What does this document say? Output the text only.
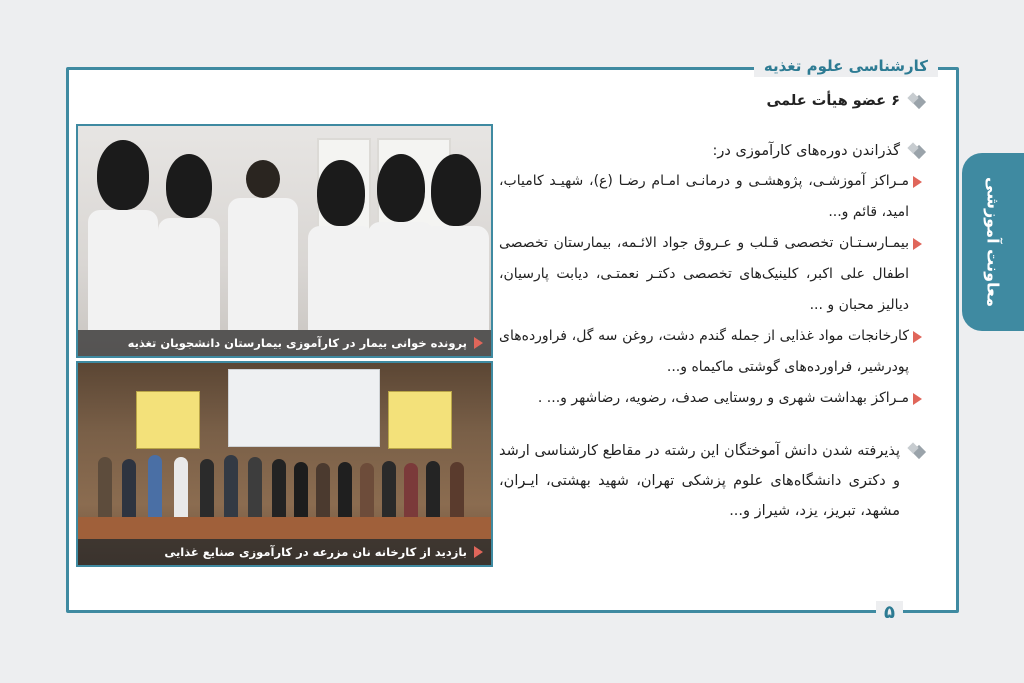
کارشناسی علوم تغذیه
۵
معاونت آموزشی
۶ عضو هیأت علمی
گذراندن دوره‌های کارآموزی در:
مـراکز آموزشـی، پژوهشـی و درمانـی امـام رضـا (ع)، شهیـد کامیاب، امید، قائم و...
بیمـارسـتـان تخصصی قـلب و عـروق جواد الائـمه، بیمارستان تخصصی اطفال علی اکبر، کلینیک‌های تخصصی دکتـر نعمتـی، دیابت پارسیان، دیالیز محبان و ...
کارخانجات مواد غذایی از جمله گندم دشت، روغن سه گل، فراورده‌های پودرشیر، فراورده‌های گوشتی ماکیماه و...
مـراکز بهداشت شهری و روستایی صدف، رضویه، رضاشهر و... .
پذیرفته شدن دانش آموختگان این رشته در مقاطع کارشناسی ارشد و دکتری دانشگاه‌های علوم پزشکی تهران، شهید بهشتی، ایـران، مشهد، تبریز، یزد، شیراز و...
پرونده خوانی بیمار در کارآموزی بیمارستان دانشجویان تغذیه
بازدید از کارخانه نان مزرعه در کارآموزی صنایع غذایی
